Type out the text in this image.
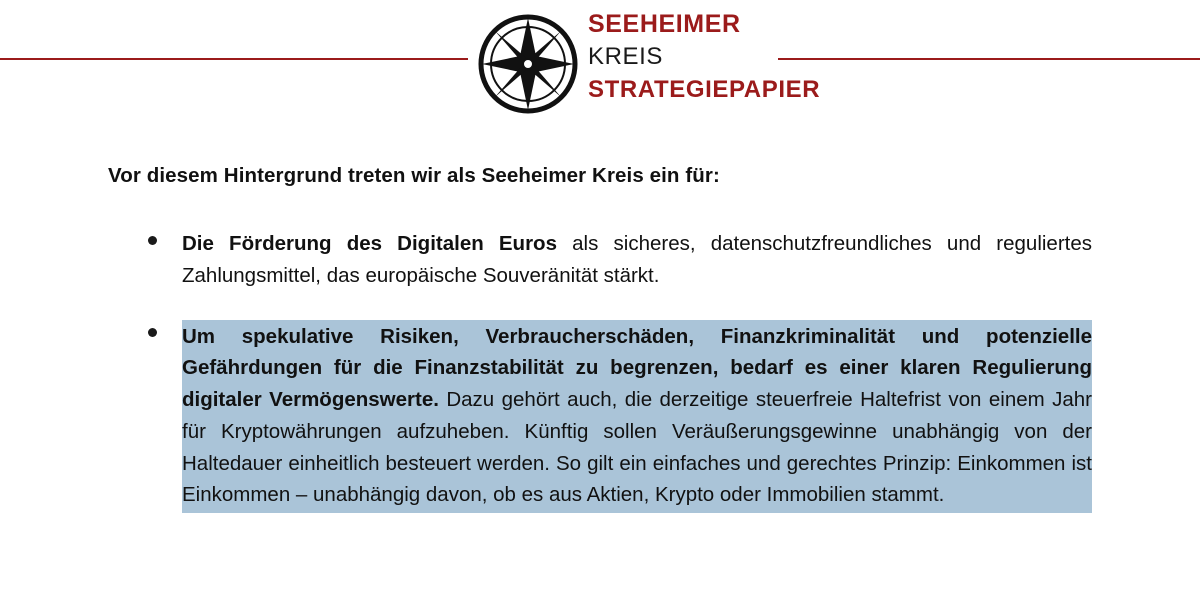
SEEHEIMER
KREIS
STRATEGIEPAPIER

Vor diesem Hintergrund treten wir als Seeheimer Kreis ein für:

Die Förderung des Digitalen Euros als sicheres, datenschutzfreundliches und reguliertes Zahlungsmittel, das europäische Souveränität stärkt.
Um spekulative Risiken, Verbraucherschäden, Finanzkriminalität und potenzielle Gefährdungen für die Finanzstabilität zu begrenzen, bedarf es einer klaren Regulierung digitaler Vermögenswerte. Dazu gehört auch, die derzeitige steuerfreie Haltefrist von einem Jahr für Kryptowährungen aufzuheben. Künftig sollen Veräußerungsgewinne unabhängig von der Haltedauer einheitlich besteuert werden. So gilt ein einfaches und gerechtes Prinzip: Einkommen ist Einkommen – unabhängig davon, ob es aus Aktien, Krypto oder Immobilien stammt.
